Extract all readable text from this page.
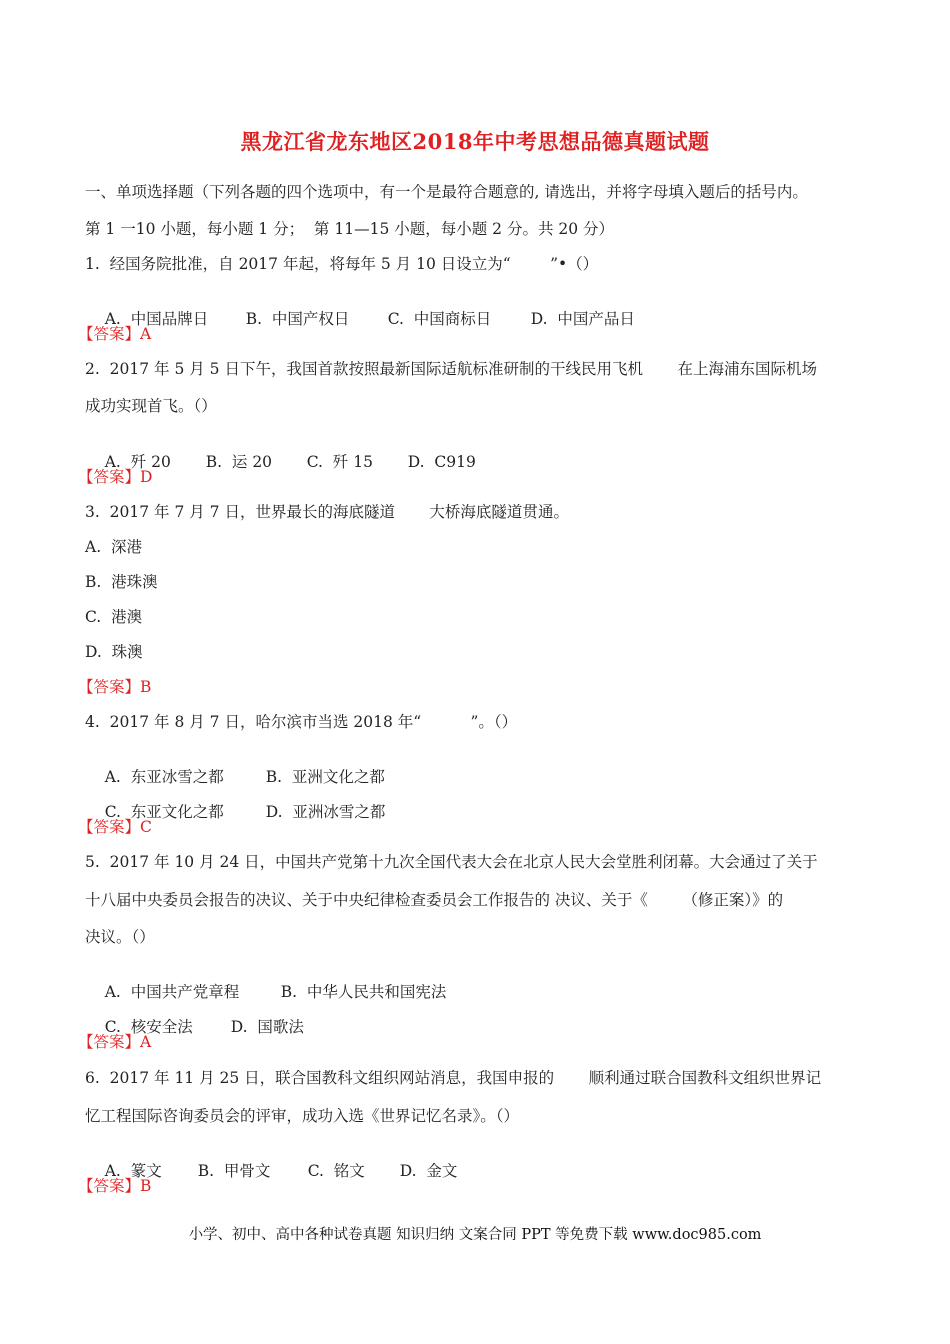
黑龙江省龙东地区2018年中考思想品德真题试题
一、单项选择题（下列各题的四个选项中，有一个是最符合题意的, 请选出，并将字母填入题后的括号内。
第 1 一10 小题，每小题 1 分；  第 11—15 小题，每小题 2 分。共 20 分）
1.  经国务院批准，自 2017 年起，将每年 5 月 10 日设立为“        ”•（）

A.  中国品牌日 B.  中国产权日 C.  中国商标日	D.  中国产品日

【答案】A
2.  2017 年 5 月 5 日下午，我国首款按照最新国际适航标准研制的干线民用飞机       在上海浦东国际机场
成功实现首飞。（）

A.  歼 20 B.  运 20 C.  歼 15 D.  C919

【答案】D
3.  2017 年 7 月 7 日，世界最长的海底隧道       大桥海底隧道贯通。
A.  深港
B.  港珠澳
C.  港澳
D.  珠澳
【答案】B
4.  2017 年 8 月 7 日，哈尔滨市当选 2018 年“          ”。（）

A.  东亚冰雪之都	B.  亚洲文化之都

C.  东亚文化之都	D.  亚洲冰雪之都

【答案】C
5.  2017 年 10 月 24 日，中国共产党第十九次全国代表大会在北京人民大会堂胜利闭幕。大会通过了关于
十八届中央委员会报告的决议、关于中央纪律检查委员会工作报告的 决议、关于《       （修正案）》的
决议。（）

A.  中国共产党章程	B.  中华人民共和国宪法

C.  核安全法 D.  国歌法

【答案】A
6.  2017 年 11 月 25 日，联合国教科文组织网站消息，我国申报的       顺利通过联合国教科文组织世界记
忆工程国际咨询委员会的评审，成功入选《世界记忆名录》。（）

A.  篆文 B.  甲骨文 C.  铭文 D.  金文

【答案】B
小学、初中、高中各种试卷真题 知识归纳 文案合同 PPT 等免费下载 www.doc985.com
